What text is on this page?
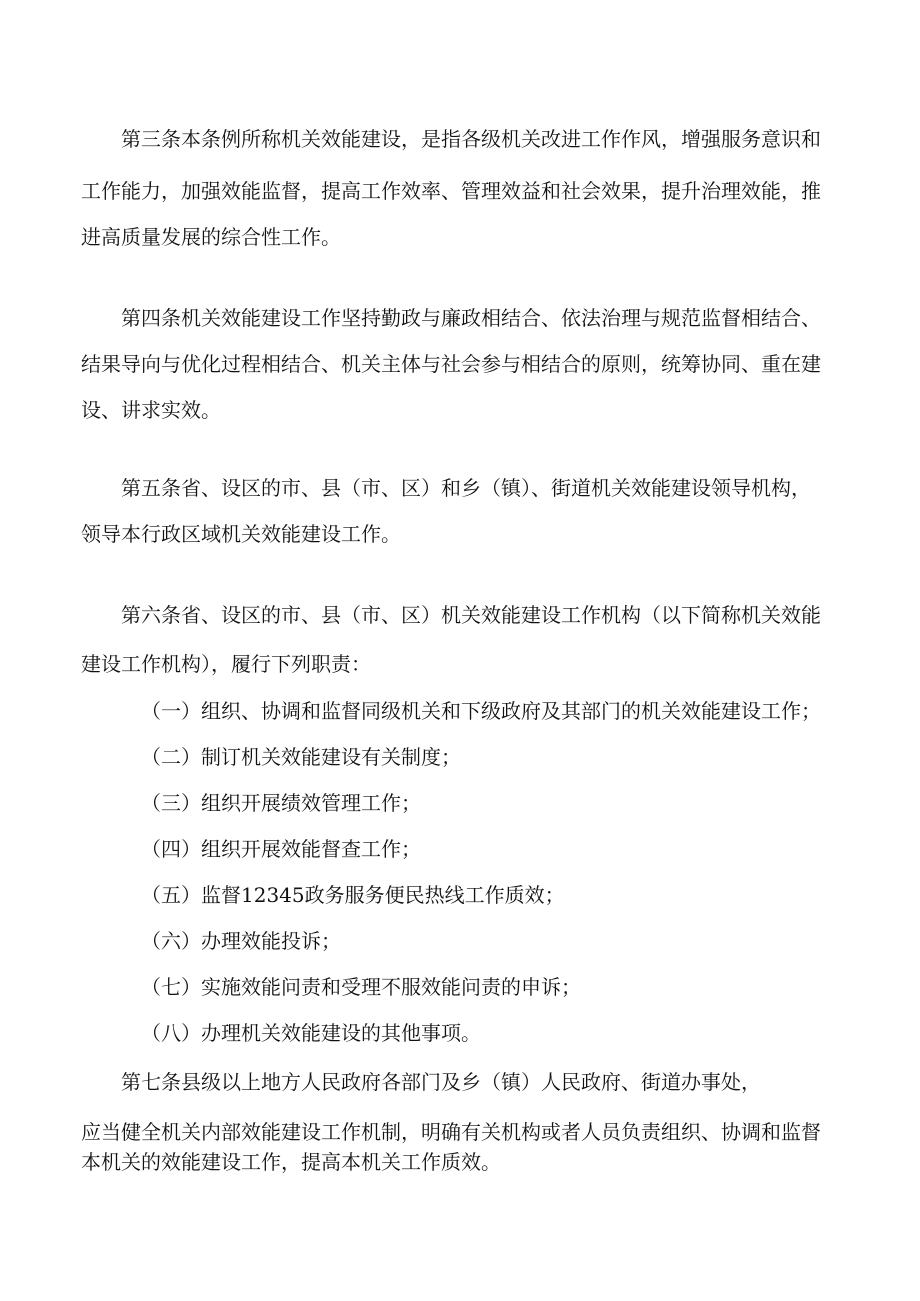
第三条本条例所称机关效能建设，是指各级机关改进工作作风，增强服务意识和
工作能力，加强效能监督，提高工作效率、管理效益和社会效果，提升治理效能，推
进高质量发展的综合性工作。
第四条机关效能建设工作坚持勤政与廉政相结合、依法治理与规范监督相结合、
结果导向与优化过程相结合、机关主体与社会参与相结合的原则，统筹协同、重在建
设、讲求实效。
第五条省、设区的市、县（市、区）和乡（镇）、街道机关效能建设领导机构，
领导本行政区域机关效能建设工作。
第六条省、设区的市、县（市、区）机关效能建设工作机构（以下简称机关效能
建设工作机构），履行下列职责：
（一）组织、协调和监督同级机关和下级政府及其部门的机关效能建设工作；
（二）制订机关效能建设有关制度；
（三）组织开展绩效管理工作；
（四）组织开展效能督查工作；
（五）监督12345政务服务便民热线工作质效；
（六）办理效能投诉；
（七）实施效能问责和受理不服效能问责的申诉；
（八）办理机关效能建设的其他事项。
第七条县级以上地方人民政府各部门及乡（镇）人民政府、街道办事处，
应当健全机关内部效能建设工作机制，明确有关机构或者人员负责组织、协调和监督
本机关的效能建设工作，提高本机关工作质效。
